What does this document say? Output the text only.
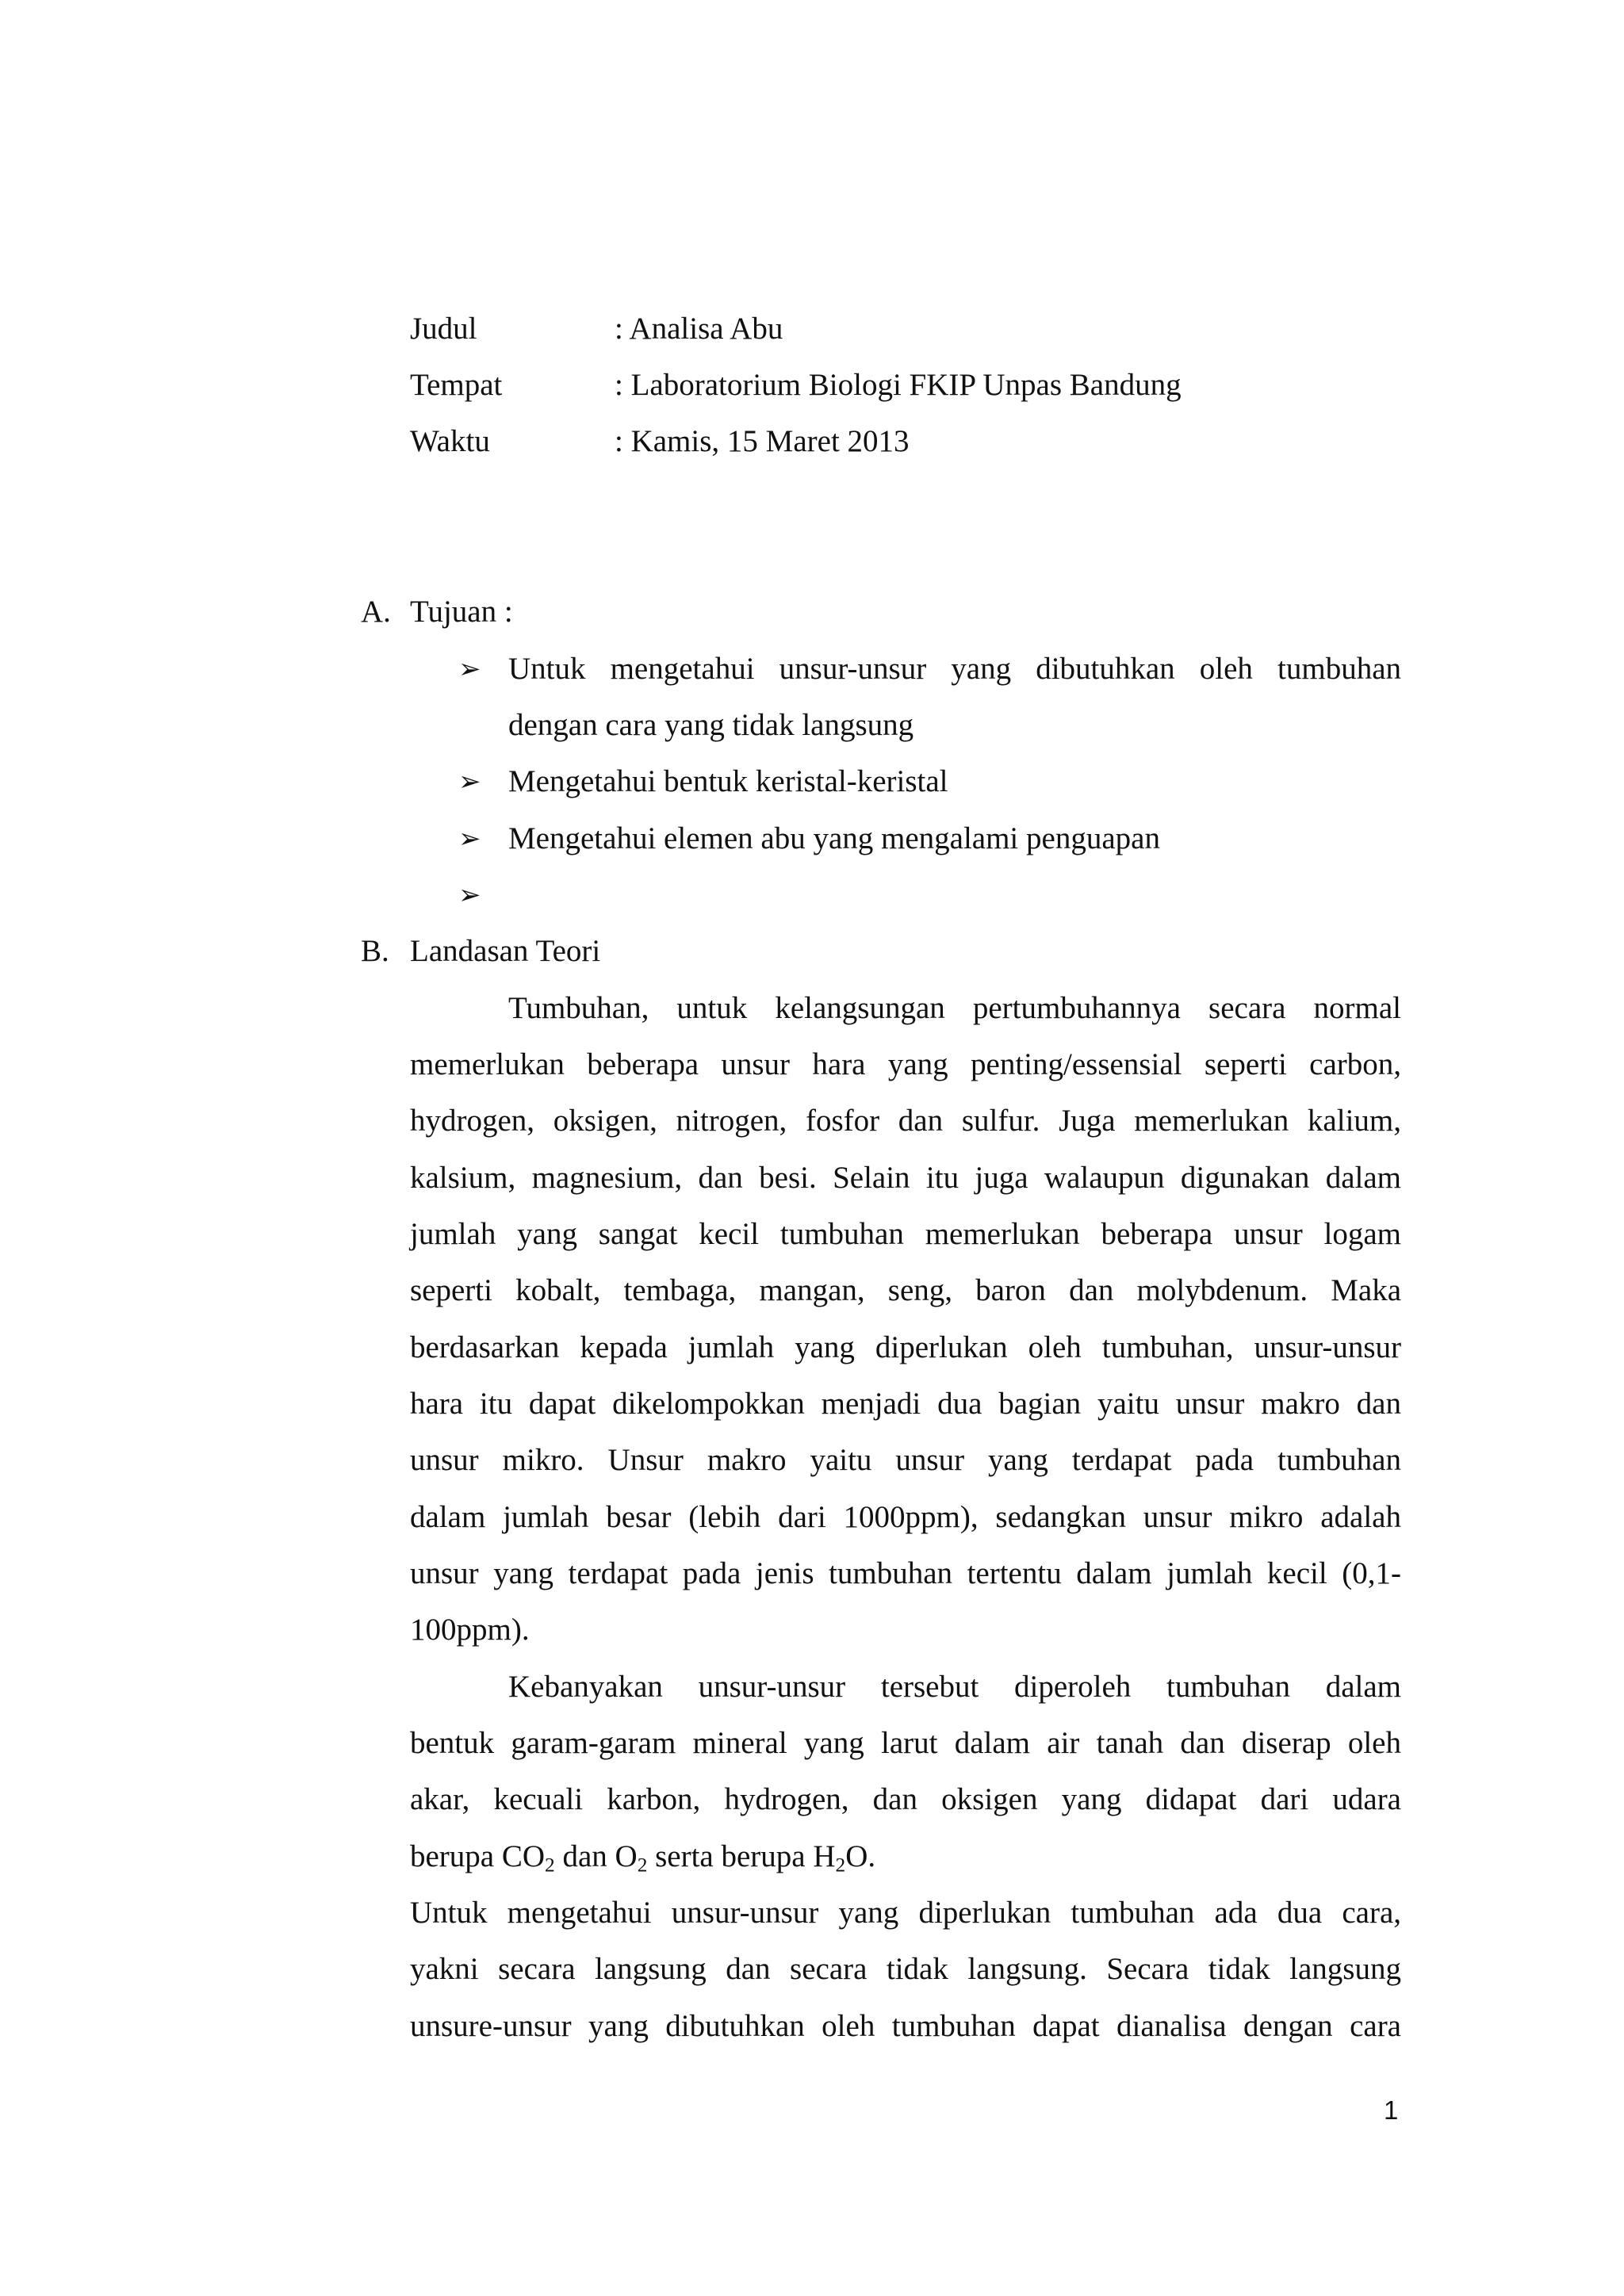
Judul	: Analisa Abu
Tempat	: Laboratorium Biologi FKIP Unpas Bandung
Waktu	: Kamis, 15 Maret 2013
A. Tujuan :
➢ Untuk mengetahui unsur-unsur yang dibutuhkan oleh tumbuhan
dengan cara yang tidak langsung
➢ Mengetahui bentuk keristal-keristal
➢ Mengetahui elemen abu yang mengalami penguapan
➢
B. Landasan Teori
Tumbuhan, untuk kelangsungan pertumbuhannya secara normal
memerlukan beberapa unsur hara yang penting/essensial seperti carbon,
hydrogen, oksigen, nitrogen, fosfor dan sulfur. Juga memerlukan kalium,
kalsium, magnesium, dan besi. Selain itu juga walaupun digunakan dalam
jumlah yang sangat kecil tumbuhan memerlukan beberapa unsur logam
seperti kobalt, tembaga, mangan, seng, baron dan molybdenum. Maka
berdasarkan kepada jumlah yang diperlukan oleh tumbuhan, unsur-unsur
hara itu dapat dikelompokkan menjadi dua bagian yaitu unsur makro dan
unsur mikro. Unsur makro yaitu unsur yang terdapat pada tumbuhan
dalam jumlah besar (lebih dari 1000ppm), sedangkan unsur mikro adalah
unsur yang terdapat pada jenis tumbuhan tertentu dalam jumlah kecil (0,1-
100ppm).
Kebanyakan unsur-unsur tersebut diperoleh tumbuhan dalam
bentuk garam-garam mineral yang larut dalam air tanah dan diserap oleh
akar, kecuali karbon, hydrogen, dan oksigen yang didapat dari udara
berupa $CO_2$ dan $O_2$ serta berupa $H_2O$.
Untuk mengetahui unsur-unsur yang diperlukan tumbuhan ada dua cara,
yakni secara langsung dan secara tidak langsung. Secara tidak langsung
unsure-unsur yang dibutuhkan oleh tumbuhan dapat dianalisa dengan cara
1
